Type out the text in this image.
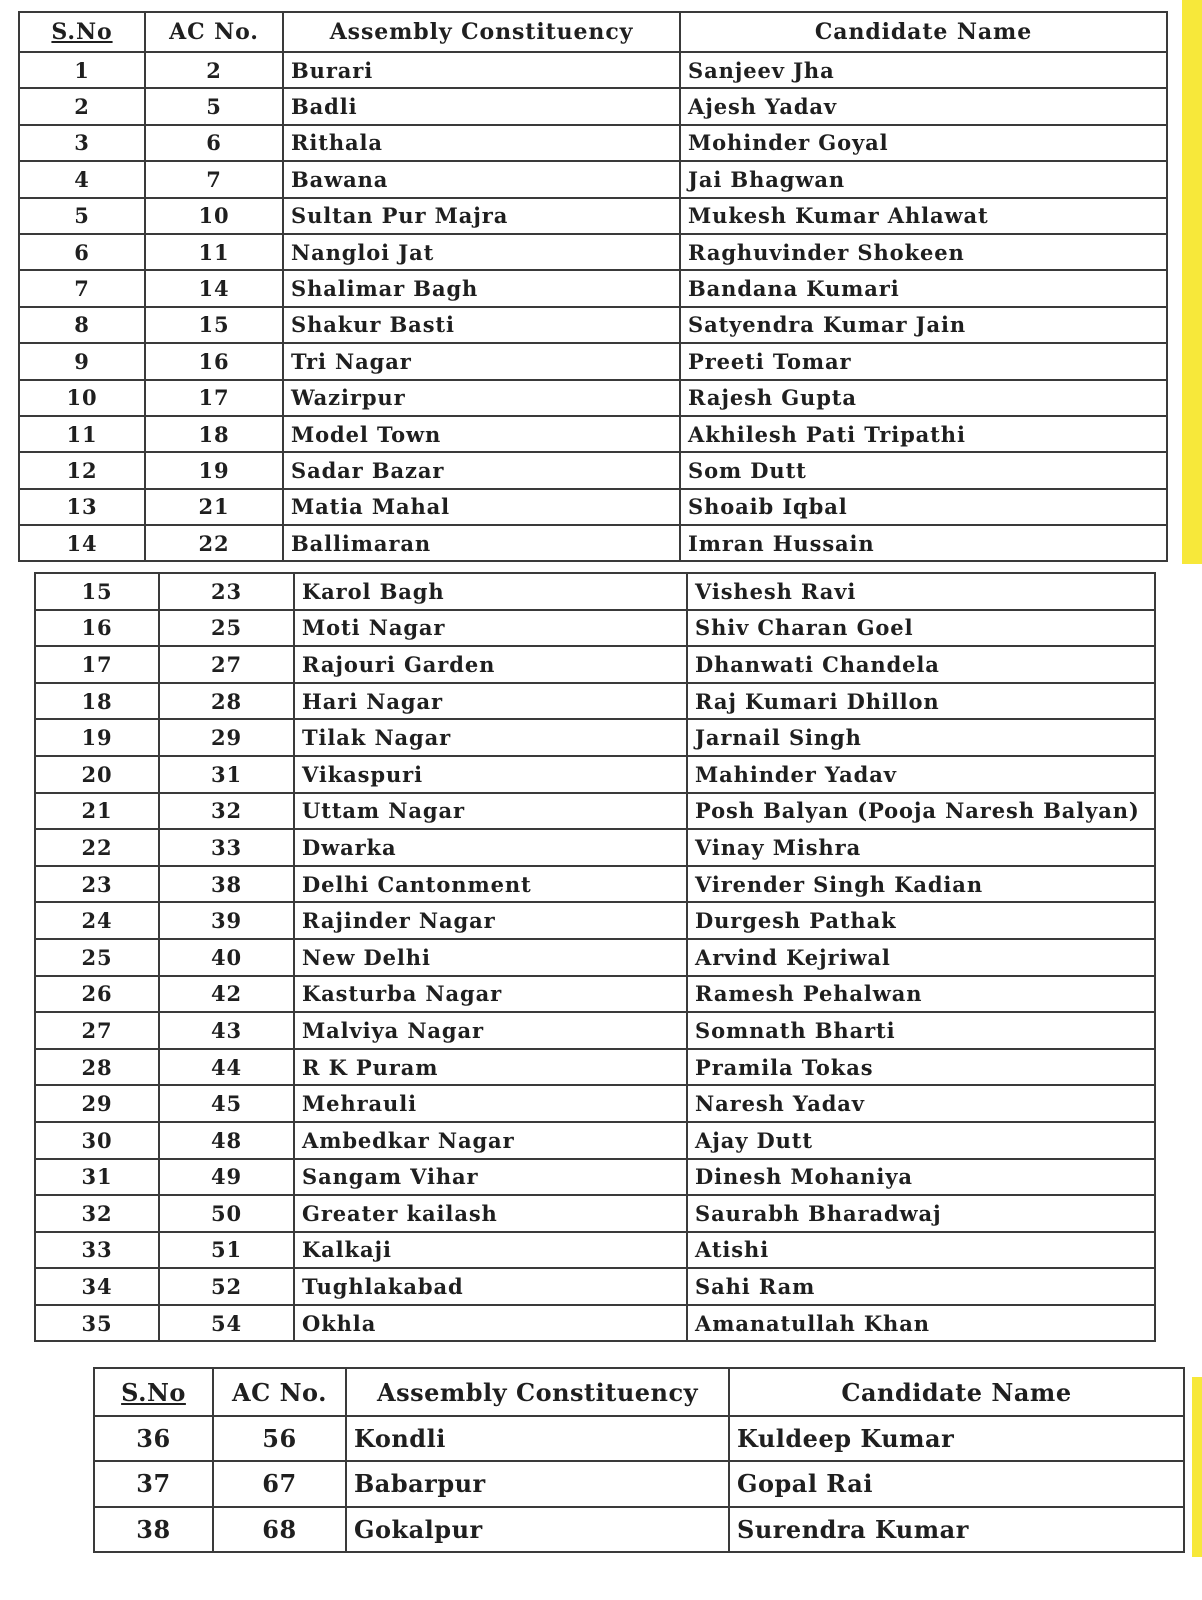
S.No	AC No.	Assembly Constituency	Candidate Name
1	2	Burari	Sanjeev Jha
2	5	Badli	Ajesh Yadav
3	6	Rithala	Mohinder Goyal
4	7	Bawana	Jai Bhagwan
5	10	Sultan Pur Majra	Mukesh Kumar Ahlawat
6	11	Nangloi Jat	Raghuvinder Shokeen
7	14	Shalimar Bagh	Bandana Kumari
8	15	Shakur Basti	Satyendra Kumar Jain
9	16	Tri Nagar	Preeti Tomar
10	17	Wazirpur	Rajesh Gupta
11	18	Model Town	Akhilesh Pati Tripathi
12	19	Sadar Bazar	Som Dutt
13	21	Matia Mahal	Shoaib Iqbal
14	22	Ballimaran	Imran Hussain
15	23	Karol Bagh	Vishesh Ravi
16	25	Moti Nagar	Shiv Charan Goel
17	27	Rajouri Garden	Dhanwati Chandela
18	28	Hari Nagar	Raj Kumari Dhillon
19	29	Tilak Nagar	Jarnail Singh
20	31	Vikaspuri	Mahinder Yadav
21	32	Uttam Nagar	Posh Balyan (Pooja Naresh Balyan)
22	33	Dwarka	Vinay Mishra
23	38	Delhi Cantonment	Virender Singh Kadian
24	39	Rajinder Nagar	Durgesh Pathak
25	40	New Delhi	Arvind Kejriwal
26	42	Kasturba Nagar	Ramesh Pehalwan
27	43	Malviya Nagar	Somnath Bharti
28	44	R K Puram	Pramila Tokas
29	45	Mehrauli	Naresh Yadav
30	48	Ambedkar Nagar	Ajay Dutt
31	49	Sangam Vihar	Dinesh Mohaniya
32	50	Greater kailash	Saurabh Bharadwaj
33	51	Kalkaji	Atishi
34	52	Tughlakabad	Sahi Ram
35	54	Okhla	Amanatullah Khan
S.No	AC No.	Assembly Constituency	Candidate Name
36	56	Kondli	Kuldeep Kumar
37	67	Babarpur	Gopal Rai
38	68	Gokalpur	Surendra Kumar
